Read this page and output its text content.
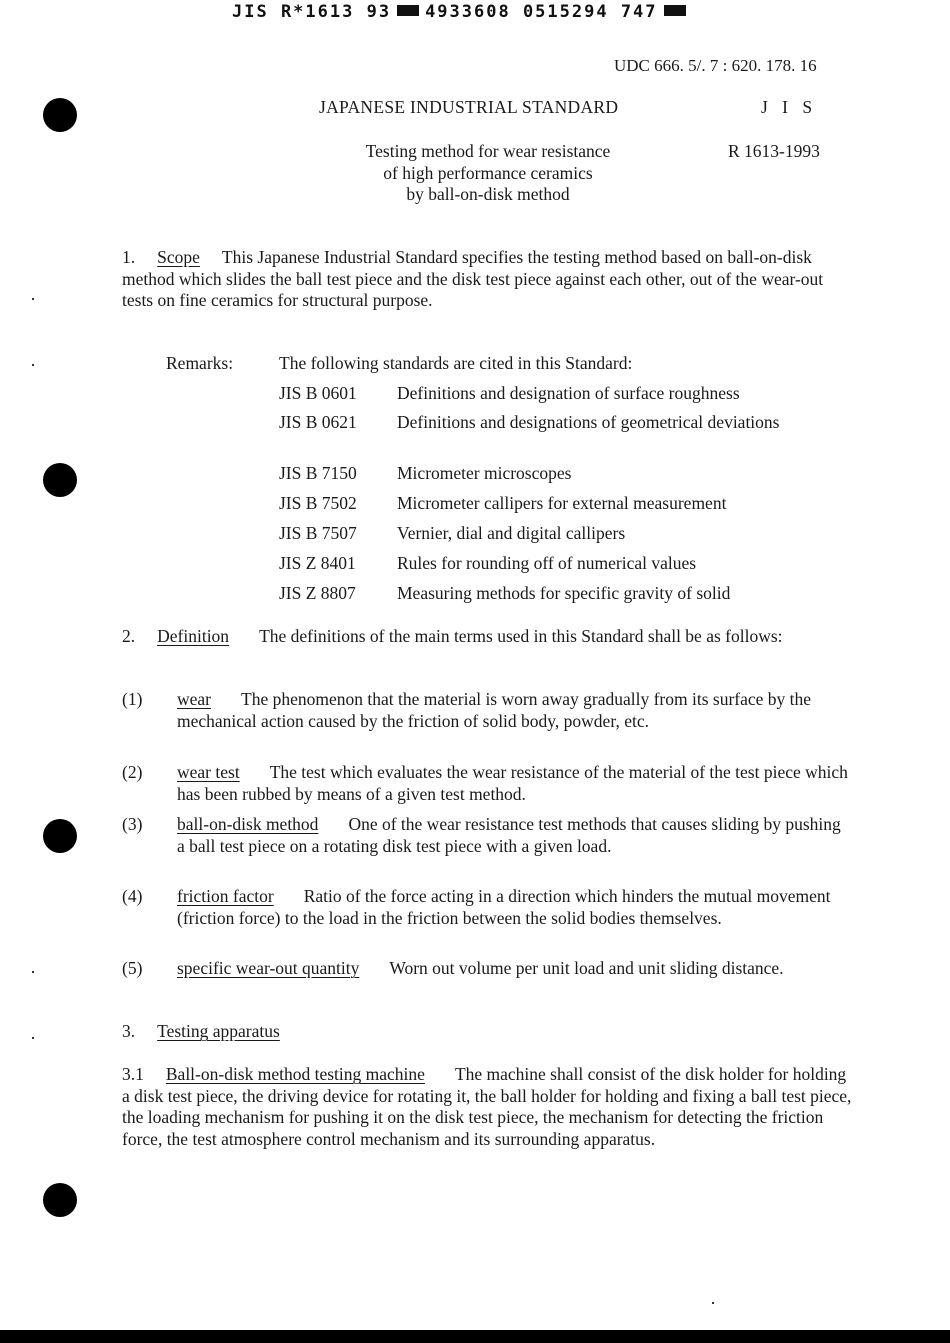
JIS R*1613 93 4933608 0515294 747
UDC 666. 5/. 7 : 620. 178. 16
JAPANESE INDUSTRIAL STANDARD	J I S
Testing method for wear resistance
of high performance ceramics
by ball-on-disk method
R 1613-1993
1. Scope This Japanese Industrial Standard specifies the testing method based on ball-on-disk method which slides the ball test piece and the disk test piece against each other, out of the wear-out tests on fine ceramics for structural purpose.
Remarks:	The following standards are cited in this Standard:
JIS B 0601 Definitions and designation of surface roughness
JIS B 0621 Definitions and designations of geometrical deviations
JIS B 7150 Micrometer microscopes
JIS B 7502 Micrometer callipers for external measurement
JIS B 7507 Vernier, dial and digital callipers
JIS Z 8401 Rules for rounding off of numerical values
JIS Z 8807 Measuring methods for specific gravity of solid
2. Definition The definitions of the main terms used in this Standard shall be as follows:
(1) wear The phenomenon that the material is worn away gradually from its surface by the mechanical action caused by the friction of solid body, powder, etc.
(2) wear test The test which evaluates the wear resistance of the material of the test piece which has been rubbed by means of a given test method.
(3) ball-on-disk method One of the wear resistance test methods that causes sliding by pushing a ball test piece on a rotating disk test piece with a given load.
(4) friction factor Ratio of the force acting in a direction which hinders the mutual movement (friction force) to the load in the friction between the solid bodies themselves.
(5) specific wear-out quantity Worn out volume per unit load and unit sliding distance.
3. Testing apparatus
3.1 Ball-on-disk method testing machine The machine shall consist of the disk holder for holding a disk test piece, the driving device for rotating it, the ball holder for holding and fixing a ball test piece, the loading mechanism for pushing it on the disk test piece, the mechanism for detecting the friction force, the test atmosphere control mechanism and its surrounding apparatus.
